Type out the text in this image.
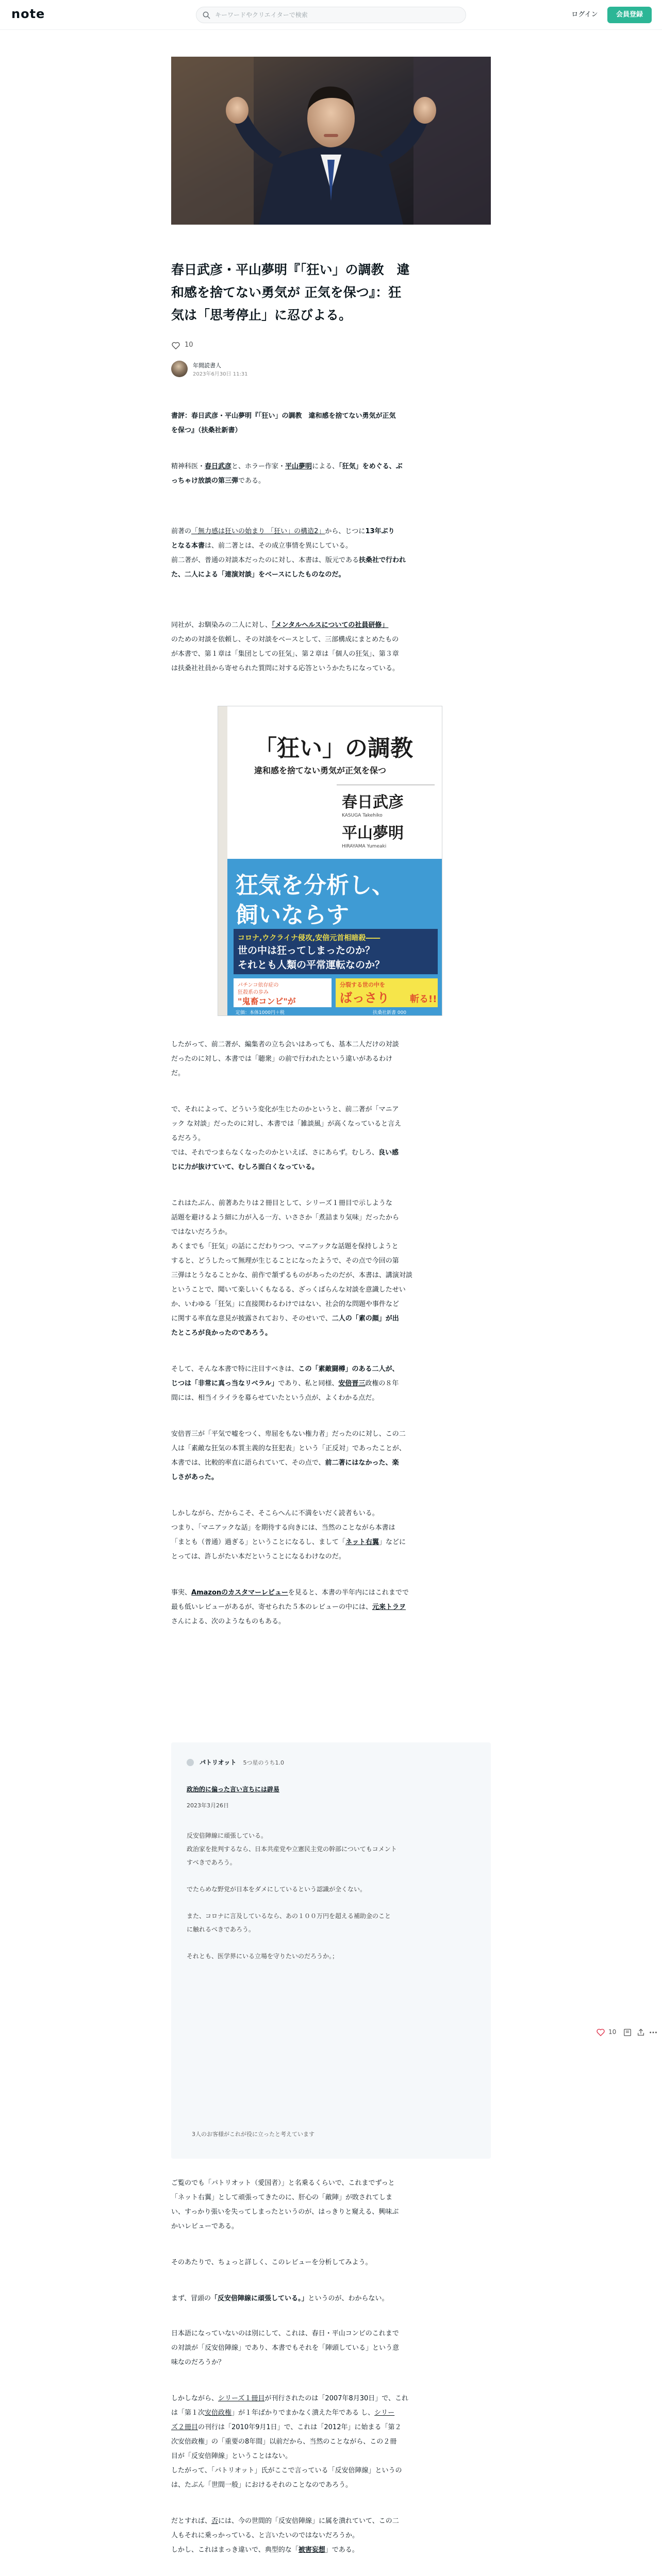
note
キーワードやクリエイターで検索	ログイン	会員登録
春日武彦・平山夢明『「狂い」の調教　違
和感を捨てない勇気が 正気を保つ』：狂
気は「思考停止」に忍びよる。
10
年間読書人
2023年6月30日 11:31

書評：春日武彦・平山夢明『「狂い」の調教　違和感を捨てない勇気が正気
を保つ』（扶桑社新書）

精神科医・春日武彦と、ホラー作家・平山夢明による、「狂気」をめぐる、ぶ
っちゃけ放談の第三弾である。

前著の「無力感は狂いの始まり 「狂い」の構造2」から、じつに13年ぶり
となる本書は、前二著とは、その成立事情を異にしている。
前二著が、普通の対談本だったのに対し、本書は、版元である扶桑社で行われ
た、二人による「連演対談」をベースにしたものなのだ。

同社が、お馴染みの二人に対し、「メンタルヘルスについての社員研修」
のための対談を依頼し、その対談をベースとして、三部構成にまとめたもの
が本書で、第１章は「集団としての狂気」、第２章は「個人の狂気」、第３章
は扶桑社社員から寄せられた質問に対する応答というかたちになっている。

「狂い」の調教
違和感を捨てない勇気が正気を保つ
春日武彦
KASUGA Takehiko
平山夢明
HIRAYAMA Yumeaki
狂気を分析し、
飼いならす
コロナ,ウクライナ侵攻,安倍元首相暗殺――
世の中は狂ってしまったのか？
それとも人類の平常運転なのか？
パチンコ依存症の
狂殺系の歩み
"鬼畜コンビ"が
分裂する世の中を
ばっさり 斬る!!
定価：本体1000円＋税	扶桑社新書 000

したがって、前二著が、編集者の立ち会いはあっても、基本二人だけの対談
だったのに対し、本書では「聴衆」の前で行われたという違いがあるわけ
だ。

で、それによって、どういう変化が生じたのかというと、前二著が「マニア
ック な対談」だったのに対し、本書では「雑談風」が高くなっていると言え
るだろう。
では、それでつまらなくなったのかといえば、さにあらず。むしろ、良い感
じに力が抜けていて、むしろ面白くなっている。

これはたぶん、前著あたりは２冊目として、シリーズ１冊目で示しような
話題を避けるよう細に力が入る一方、いささか「煮詰まり気味」だったから
ではないだろうか。
あくまでも「狂気」の話にこだわりつつ、マニアックな話題を保持しようと
すると、どうしたって無理が生じることになったようで、その点で今回の第
三弾はとうなることかな、前作で頷ずるものがあったのだが、本書は、講演対談
ということで、聞いて楽しいくもなるる、ざっくばらんな対談を意識したせい
か、いわゆる「狂気」に直接関わるわけではない、社会的な問題や事件など
に関する率直な意見が披露されており、そのせいで、二人の「素の顔」が出
たところが良かったのであろう。

そして、そんな本書で特に注目すべきは、この「素敵闘樽」のある二人が、
じつは「非常に真っ当なリベラル」であり、私と同様、安倍晋三政権の８年
間には、相当イライラを募らせていたという点が、よくわかる点だ。

安倍晋三が「平気で嘘をつく、卑屈をもない権力者」だったのに対し、この二
人は「素敵な狂気の本質主義的な狂犯表」という「正反対」であったことが、
本書では、比較的率直に語られていて、その点で、前二著にはなかった、楽
しさがあった。

しかしながら、だからこそ、そこらへんに不満をいだく読者もいる。
つまり、「マニアックな話」を期待する向きには、当然のことながら本書は
「まとも（普通）過ぎる」ということになるし、まして「ネット右翼」などに
とっては、許しがたい本だということになるわけなのだ。

事実、Amazonのカスタマーレビューを見ると、本書の半年内にはこれまでで
最も低いレビューがあるが、寄せられた５本のレビューの中には、元来トラヲ
さんによる、次のようなものもある。

パトリオット 5つ星のうち1.0
政治的に偏った言い言ちには辟易
2023年3月26日
反安倍陣線に頑張している。
政治家を批判するなら、日本共産党や立憲民主党の幹部についてもコメント
すべきであろう。

でたらめな野党が日本をダメにしているという認識が全くない。

また、コロナに言及しているなら、あの１００万円を超える補助金のこと
に触れるべきであろう。

それとも、医学界にいる立場を守りたいのだろうか。；
3人のお客様がこれが役に立ったと考えています
10

ご覧のでも「パトリオット（愛国者）」と名乗るくらいで、これまでずっと
「ネット右翼」として頑張ってきたのに、肝心の「敵陣」が敗されてしま
い、すっかり張いを失ってしまったというのが、はっきりと窺える、興味ぶ
かいレビューである。

そのあたりで、ちょっと詳しく、このレビューを分析してみよう。

まず、冒頭の「反安倍陣線に頑張している。」というのが、わからない。

日本語になっていないのは別にして、これは、春日・平山コンビのこれまで
の対談が「反安倍陣線」であり、本書でもそれを「陣頭している」という意
味なのだろうか？

しかしながら、シリーズ１冊目が刊行されたのは「2007年8月30日」で、これ
は「第１次安倍政権」が１年ばかりでまかなく潰えた年である し、シリー
ズ２冊目の刊行は「2010年9月1日」で、これは「2012年」に始まる「第２
次安倍政権」の「重要の8年間」以前だから、当然のことながら、この２冊
目が「反安倍陣線」ということはない。
したがって、「パトリオット」氏がここで言っている「反安倍陣線」というの
は、たぶん「世間一般」におけるそれのことなのであろう。

だとすれば、否には、今の世間的「反安倍陣線」に属を潰れていて、この二
人もそれに乗っかっている、と言いたいのではないだろうか。
しかし、これはまっき違いで、典型的な「被害妄想」である。
